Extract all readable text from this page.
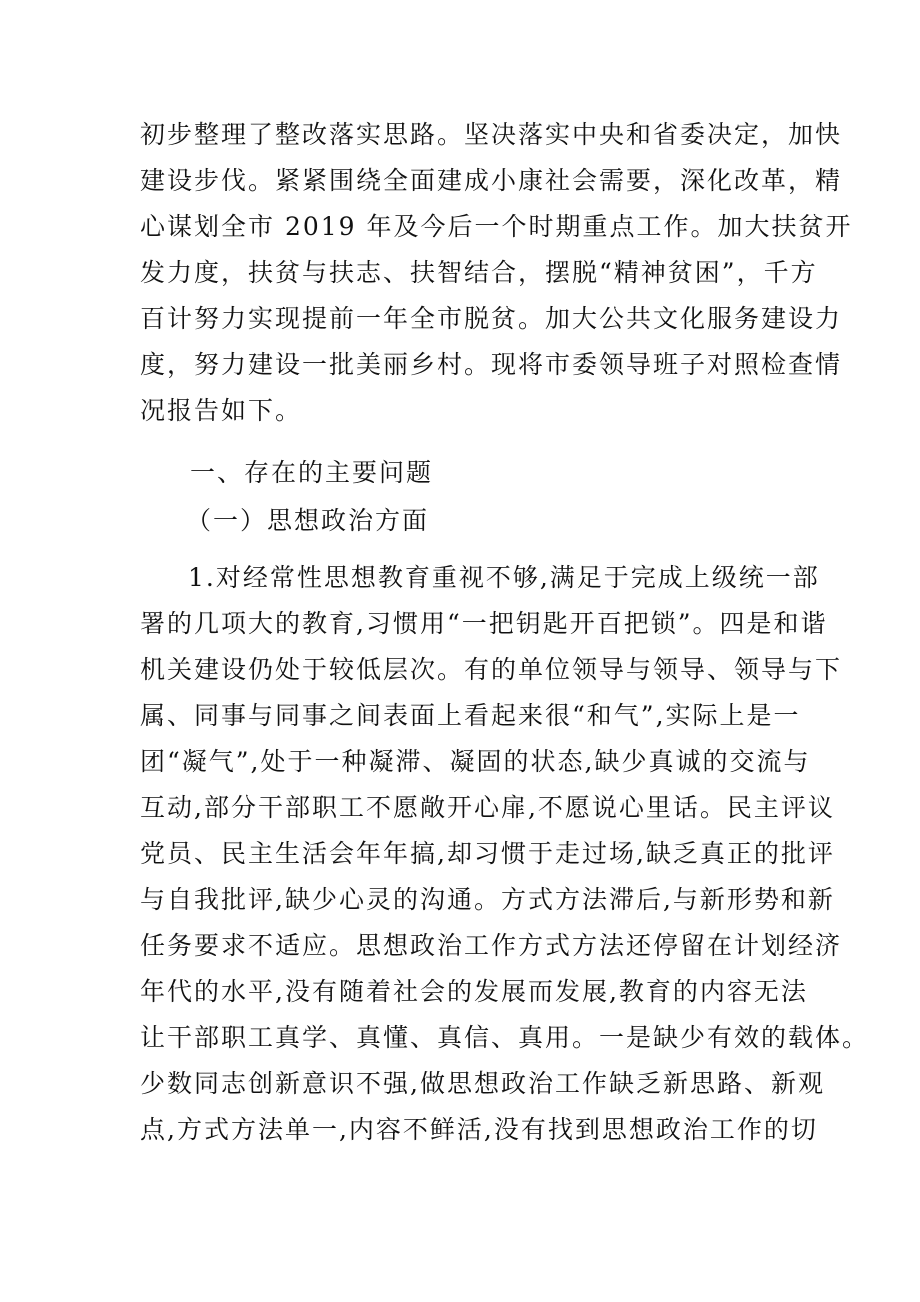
初步整理了整改落实思路。坚决落实中央和省委决定，加快
建设步伐。紧紧围绕全面建成小康社会需要，深化改革，精
心谋划全市 2019 年及今后一个时期重点工作。加大扶贫开
发力度，扶贫与扶志、扶智结合，摆脱“精神贫困”，千方
百计努力实现提前一年全市脱贫。加大公共文化服务建设力
度，努力建设一批美丽乡村。现将市委领导班子对照检查情
况报告如下。
一、存在的主要问题
（一）思想政治方面
1.对经常性思想教育重视不够,满足于完成上级统一部
署的几项大的教育,习惯用“一把钥匙开百把锁”。四是和谐
机关建设仍处于较低层次。有的单位领导与领导、领导与下
属、同事与同事之间表面上看起来很“和气”,实际上是一
团“凝气”,处于一种凝滞、凝固的状态,缺少真诚的交流与
互动,部分干部职工不愿敞开心扉,不愿说心里话。民主评议
党员、民主生活会年年搞,却习惯于走过场,缺乏真正的批评
与自我批评,缺少心灵的沟通。方式方法滞后,与新形势和新
任务要求不适应。思想政治工作方式方法还停留在计划经济
年代的水平,没有随着社会的发展而发展,教育的内容无法
让干部职工真学、真懂、真信、真用。一是缺少有效的载体。
少数同志创新意识不强,做思想政治工作缺乏新思路、新观
点,方式方法单一,内容不鲜活,没有找到思想政治工作的切
